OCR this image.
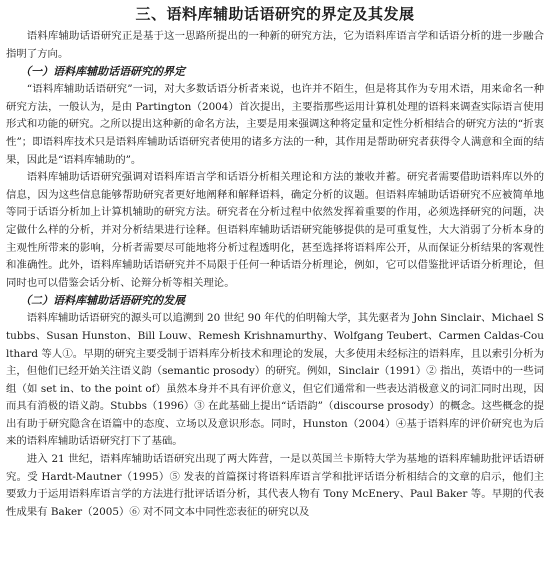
三、语料库辅助话语研究的界定及其发展

语料库辅助话语研究正是基于这一思路所提出的一种新的研究方法，它为语料库语言学和话语分析的进一步融合指明了方向。

（一）语料库辅助话语研究的界定

“语料库辅助话语研究”一词，对大多数话语分析者来说，也许并不陌生，但是将其作为专用术语，用来命名一种研究方法，一般认为，是由 Partington（2004）首次提出，主要指那些运用计算机处理的语料来调查实际语言使用形式和功能的研究。之所以提出这种新的命名方法，主要是用来强调这种将定量和定性分析相结合的研究方法的“折衷性”；即语料库技术只是语料库辅助话语研究者使用的诸多方法的一种，其作用是帮助研究者获得令人满意和全面的结果，因此是“语料库辅助的”。

语料库辅助话语研究强调对语料库语言学和话语分析相关理论和方法的兼收并蓄。研究者需要借助语料库以外的信息，因为这些信息能够帮助研究者更好地阐释和解释语料，确定分析的议题。但语料库辅助话语研究不应被简单地等同于话语分析加上计算机辅助的研究方法。研究者在分析过程中依然发挥着重要的作用，必须选择研究的问题，决定做什么样的分析，并对分析结果进行诠释。但语料库辅助话语研究能够提供的是可重复性，大大消弱了分析本身的主观性所带来的影响，分析者需要尽可能地将分析过程透明化，甚至选择将语料库公开，从而保证分析结果的客观性和准确性。此外，语料库辅助话语研究并不局限于任何一种话语分析理论，例如，它可以借鉴批评话语分析理论，但同时也可以借鉴会话分析、论辩分析等相关理论。

（二）语料库辅助话语研究的发展

语料库辅助话语研究的源头可以追溯到 20 世纪 90 年代的伯明翰大学，其先驱者为 John Sinclair、Michael Stubbs、Susan Hunston、Bill Louw、Remesh Krishnamurthy、Wolfgang Teubert、Carmen Caldas-Coulthard 等人①。早期的研究主要受制于语料库分析技术和理论的发展，大多使用未经标注的语料库，且以索引分析为主，但他们已经开始关注语义韵（semantic prosody）的研究。例如，Sinclair（1991）② 指出，英语中的一些词组（如 set in、to the point of）虽然本身并不具有评价意义，但它们通常和一些表达消极意义的词汇同时出现，因而具有消极的语义韵。Stubbs（1996）③ 在此基础上提出“话语韵”（discourse prosody）的概念。这些概念的提出有助于研究隐含在语篇中的态度、立场以及意识形态。同时，Hunston（2004）④基于语料库的评价研究也为后来的语料库辅助话语研究打下了基础。

进入 21 世纪，语料库辅助话语研究出现了两大阵营，一是以英国兰卡斯特大学为基地的语料库辅助批评话语研究。受 Hardt-Mautner（1995）⑤ 发表的首篇探讨将语料库语言学和批评话语分析相结合的文章的启示，他们主要致力于运用语料库语言学的方法进行批评话语分析，其代表人物有 Tony McEnery、Paul Baker 等。早期的代表性成果有 Baker（2005）⑥ 对不同文本中同性恋表征的研究以及
